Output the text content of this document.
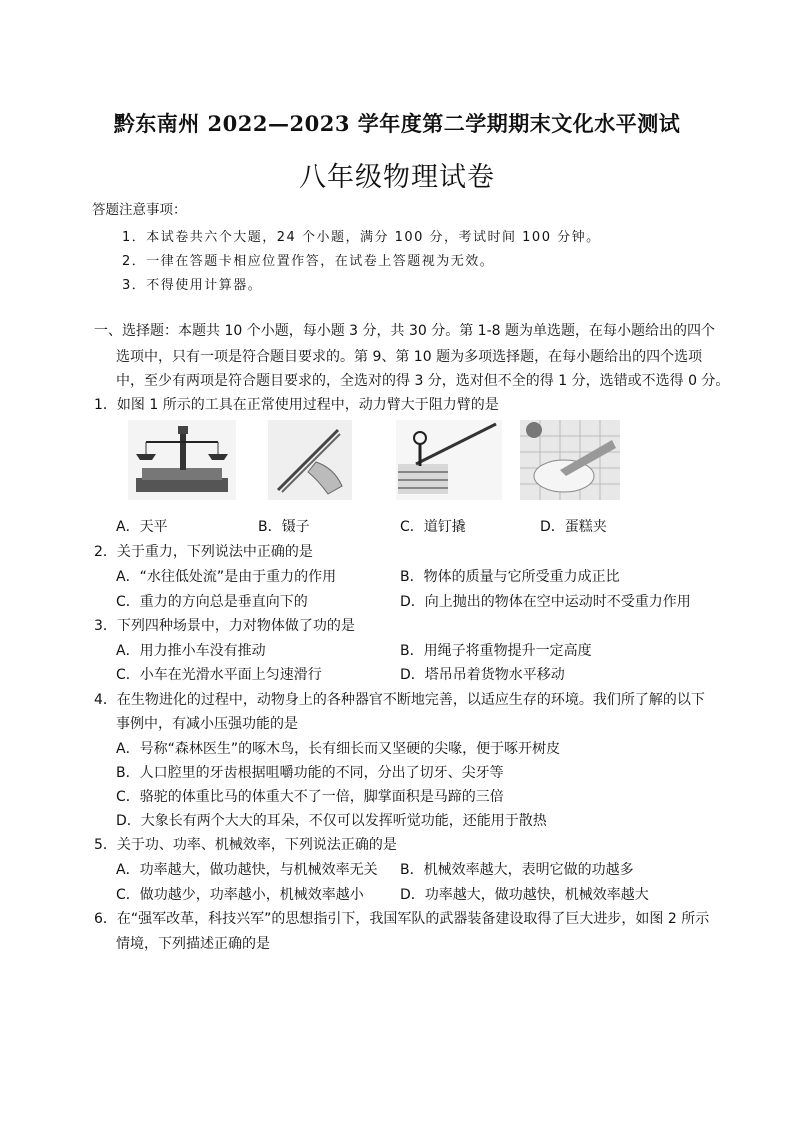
黔东南州 2022—2023 学年度第二学期期末文化水平测试
八年级物理试卷
答题注意事项：
1．本试卷共六个大题，24 个小题，满分 100 分，考试时间 100 分钟。
2．一律在答题卡相应位置作答，在试卷上答题视为无效。
3．不得使用计算器。
一、选择题：本题共 10 个小题，每小题 3 分，共 30 分。第 1-8 题为单选题，在每小题给出的四个
选项中，只有一项是符合题目要求的。第 9、第 10 题为多项选择题，在每小题给出的四个选项
中，至少有两项是符合题目要求的，全选对的得 3 分，选对但不全的得 1 分，选错或不选得 0 分。
1．如图 1 所示的工具在正常使用过程中，动力臂大于阻力臂的是
A．天平	B．镊子	C．道钉撬	D．蛋糕夹
2．关于重力，下列说法中正确的是
A．“水往低处流”是由于重力的作用	B．物体的质量与它所受重力成正比
C．重力的方向总是垂直向下的	D．向上抛出的物体在空中运动时不受重力作用
3．下列四种场景中，力对物体做了功的是
A．用力推小车没有推动	B．用绳子将重物提升一定高度
C．小车在光滑水平面上匀速滑行	D．塔吊吊着货物水平移动
4．在生物进化的过程中，动物身上的各种器官不断地完善，以适应生存的环境。我们所了解的以下
事例中，有减小压强功能的是
A．号称“森林医生”的啄木鸟，长有细长而又坚硬的尖喙，便于啄开树皮
B．人口腔里的牙齿根据咀嚼功能的不同，分出了切牙、尖牙等
C．骆驼的体重比马的体重大不了一倍，脚掌面积是马蹄的三倍
D．大象长有两个大大的耳朵，不仅可以发挥听觉功能，还能用于散热
5．关于功、功率、机械效率，下列说法正确的是
A．功率越大，做功越快，与机械效率无关 B．机械效率越大，表明它做的功越多
C．做功越少，功率越小，机械效率越小	D．功率越大，做功越快，机械效率越大
6．在“强军改革，科技兴军”的思想指引下，我国军队的武器装备建设取得了巨大进步，如图 2 所示
情境，下列描述正确的是
